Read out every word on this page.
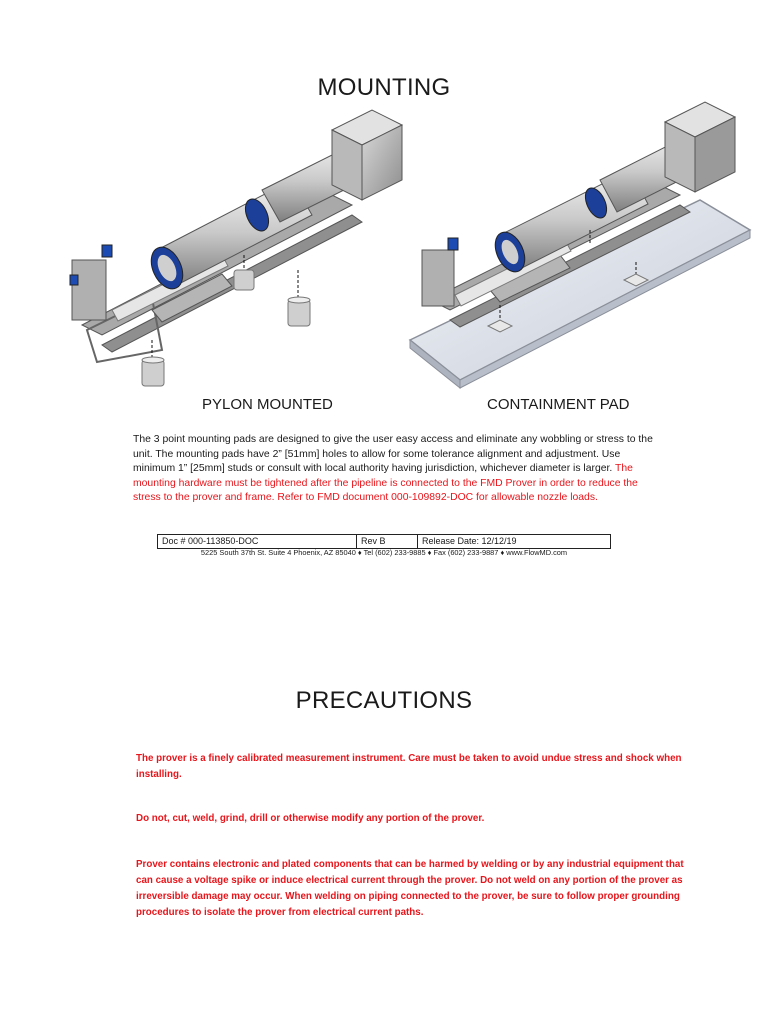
MOUNTING
PYLON MOUNTED	CONTAINMENT PAD
The 3 point mounting pads are designed to give the user easy access and eliminate any wobbling or stress to the unit. The mounting pads have 2” [51mm] holes to allow for some tolerance alignment and adjustment. Use minimum 1” [25mm] studs or consult with local authority having jurisdiction, whichever diameter is larger. The mounting hardware must be tightened after the pipeline is connected to the FMD Prover in order to reduce the stress to the prover and frame. Refer to FMD document 000-109892-DOC for allowable nozzle loads.
Doc # 000-113850-DOC	Rev B	Release Date: 12/12/19
5225 South 37th St. Suite 4 Phoenix, AZ 85040 ♦ Tel (602) 233-9885 ♦ Fax (602) 233-9887 ♦ www.FlowMD.com
PRECAUTIONS
The prover is a finely calibrated measurement instrument. Care must be taken to avoid undue stress and shock when installing.
Do not, cut, weld, grind, drill or otherwise modify any portion of the prover.
Prover contains electronic and plated components that can be harmed by welding or by any industrial equipment that can cause a voltage spike or induce electrical current through the prover. Do not weld on any portion of the prover as irreversible damage may occur. When welding on piping connected to the prover, be sure to follow proper grounding procedures to isolate the prover from electrical current paths.
